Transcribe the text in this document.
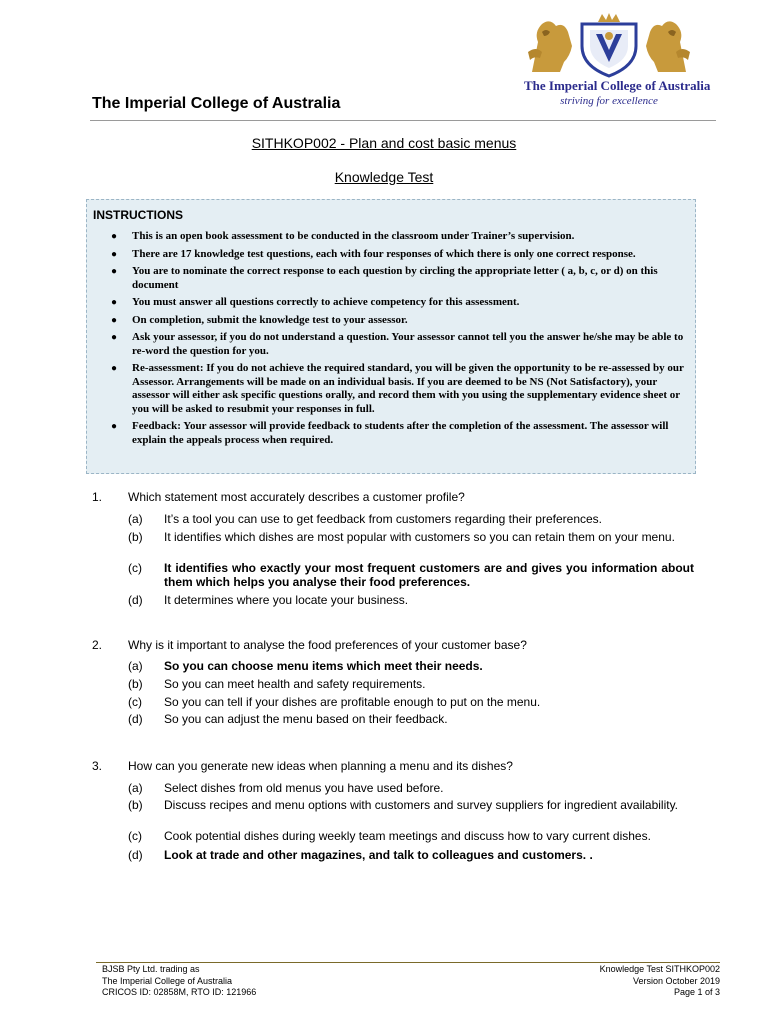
The Imperial College of Australia
striving for excellence
The Imperial College of Australia
SITHKOP002 - Plan and cost basic menus
Knowledge Test
INSTRUCTIONS
● This is an open book assessment to be conducted in the classroom under Trainer’s supervision.
● There are 17 knowledge test questions, each with four responses of which there is only one correct response.
● You are to nominate the correct response to each question by circling the appropriate letter ( a, b, c, or d) on this document
● You must answer all questions correctly to achieve competency for this assessment.
● On completion, submit the knowledge test to your assessor.
● Ask your assessor, if you do not understand a question. Your assessor cannot tell you the answer he/she may be able to re-word the question for you.
● Re-assessment: If you do not achieve the required standard, you will be given the opportunity to be re-assessed by our Assessor. Arrangements will be made on an individual basis. If you are deemed to be NS (Not Satisfactory), your assessor will either ask specific questions orally, and record them with you using the supplementary evidence sheet or you will be asked to resubmit your responses in full.
● Feedback: Your assessor will provide feedback to students after the completion of the assessment. The assessor will explain the appeals process when required.
1. Which statement most accurately describes a customer profile?
(a)	It’s a tool you can use to get feedback from customers regarding their preferences.
(b)	It identifies which dishes are most popular with customers so you can retain them on your menu.
(c)	It identifies who exactly your most frequent customers are and gives you information about them which helps you analyse their food preferences.
(d)	It determines where you locate your business.
2. Why is it important to analyse the food preferences of your customer base?
(a)	So you can choose menu items which meet their needs.
(b)	So you can meet health and safety requirements.
(c)	So you can tell if your dishes are profitable enough to put on the menu.
(d)	So you can adjust the menu based on their feedback.
3. How can you generate new ideas when planning a menu and its dishes?
(a)	Select dishes from old menus you have used before.
(b)	Discuss recipes and menu options with customers and survey suppliers for ingredient availability.
(c)	Cook potential dishes during weekly team meetings and discuss how to vary current dishes.
(d)	Look at trade and other magazines, and talk to colleagues and customers. .
BJSB Pty Ltd. trading as
The Imperial College of Australia
CRICOS ID: 02858M, RTO ID: 121966
Knowledge Test SITHKOP002
Version October 2019
Page 1 of 3
